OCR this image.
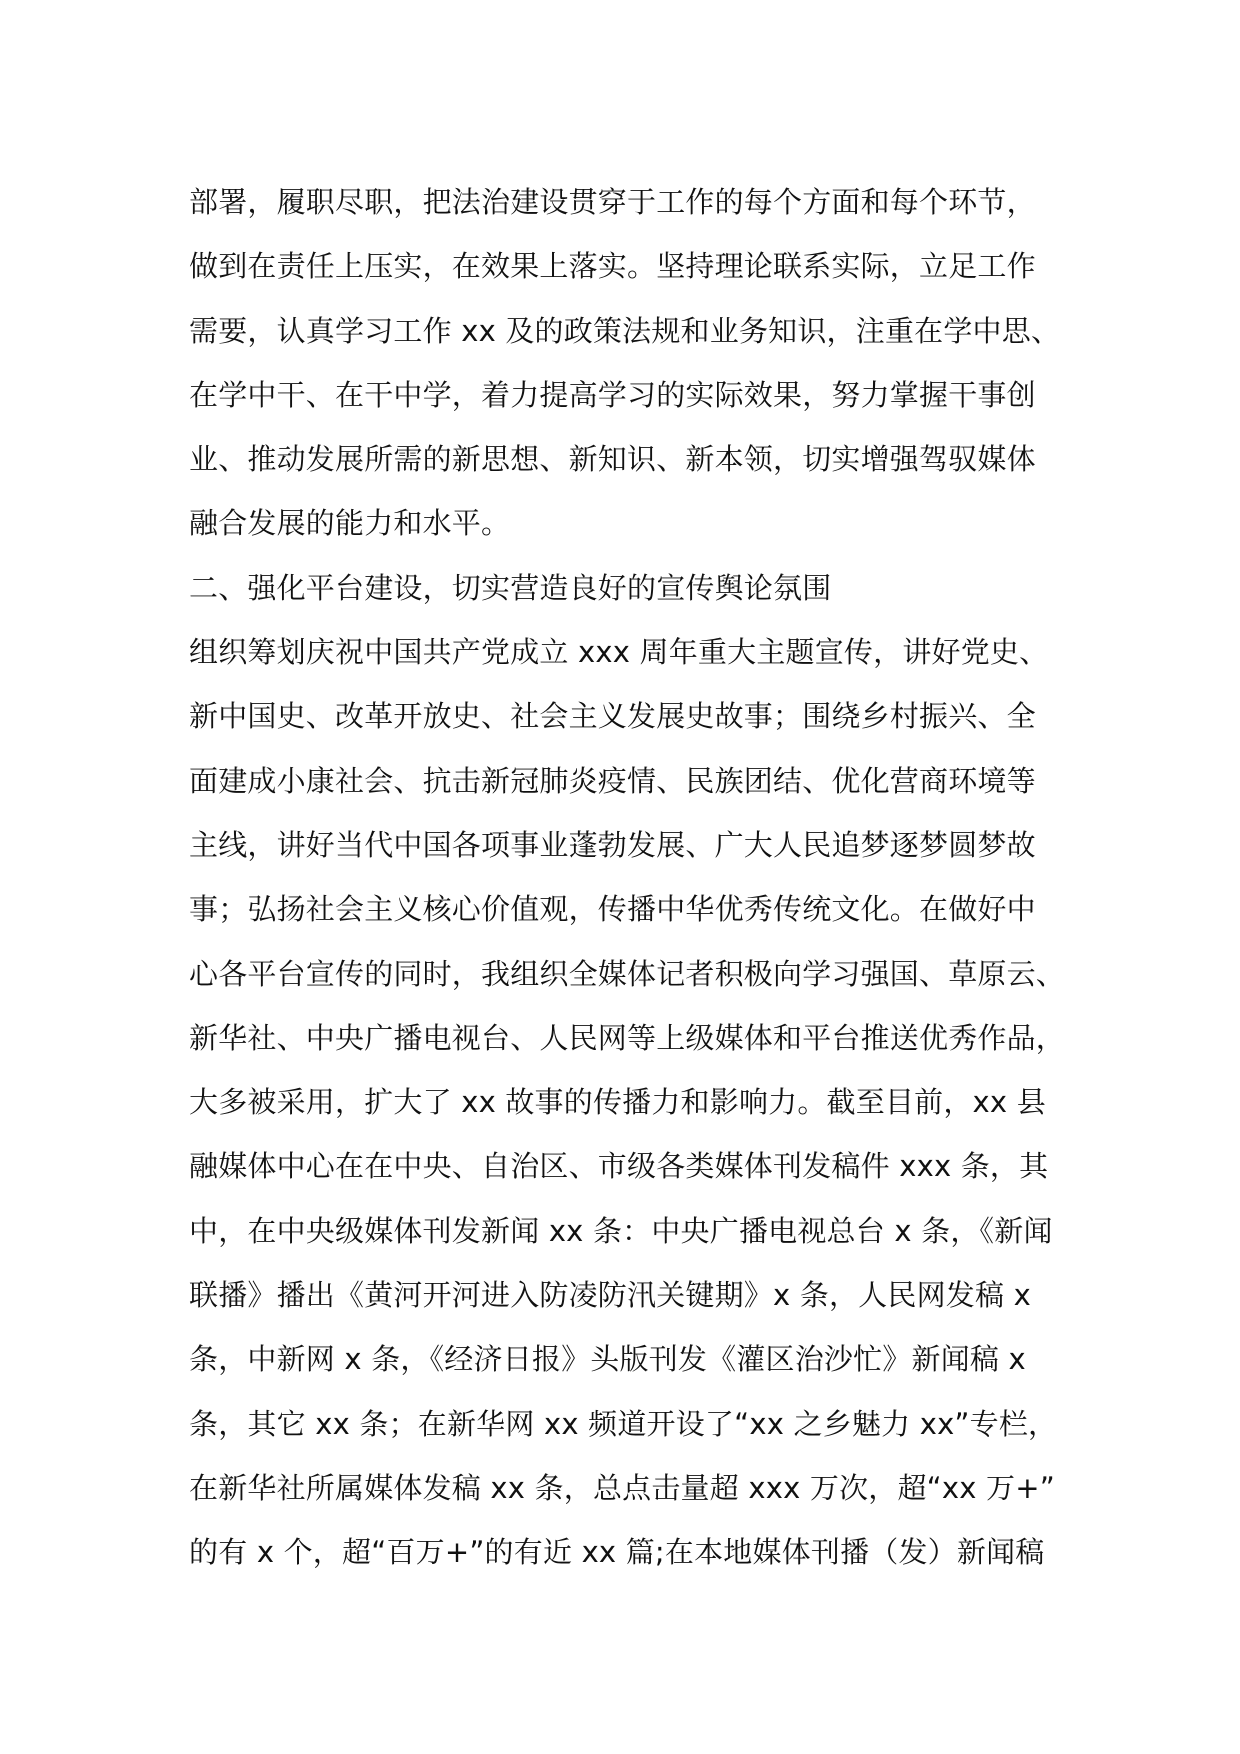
部署，履职尽职，把法治建设贯穿于工作的每个方面和每个环节，
做到在责任上压实，在效果上落实。坚持理论联系实际，立足工作
需要，认真学习工作 xx 及的政策法规和业务知识，注重在学中思、
在学中干、在干中学，着力提高学习的实际效果，努力掌握干事创
业、推动发展所需的新思想、新知识、新本领，切实增强驾驭媒体
融合发展的能力和水平。
二、强化平台建设，切实营造良好的宣传舆论氛围
组织筹划庆祝中国共产党成立 xxx 周年重大主题宣传，讲好党史、
新中国史、改革开放史、社会主义发展史故事；围绕乡村振兴、全
面建成小康社会、抗击新冠肺炎疫情、民族团结、优化营商环境等
主线，讲好当代中国各项事业蓬勃发展、广大人民追梦逐梦圆梦故
事；弘扬社会主义核心价值观，传播中华优秀传统文化。在做好中
心各平台宣传的同时，我组织全媒体记者积极向学习强国、草原云、
新华社、中央广播电视台、人民网等上级媒体和平台推送优秀作品，
大多被采用，扩大了 xx 故事的传播力和影响力。截至目前，xx 县
融媒体中心在在中央、自治区、市级各类媒体刊发稿件 xxx 条，其
中，在中央级媒体刊发新闻 xx 条：中央广播电视总台 x 条，《新闻
联播》播出《黄河开河进入防凌防汛关键期》x 条，人民网发稿 x
条，中新网 x 条，《经济日报》头版刊发《灌区治沙忙》新闻稿 x
条，其它 xx 条；在新华网 xx 频道开设了“xx 之乡魅力 xx”专栏，
在新华社所属媒体发稿 xx 条，总点击量超 xxx 万次，超“xx 万+”
的有 x 个，超“百万+”的有近 xx 篇;在本地媒体刊播（发）新闻稿
